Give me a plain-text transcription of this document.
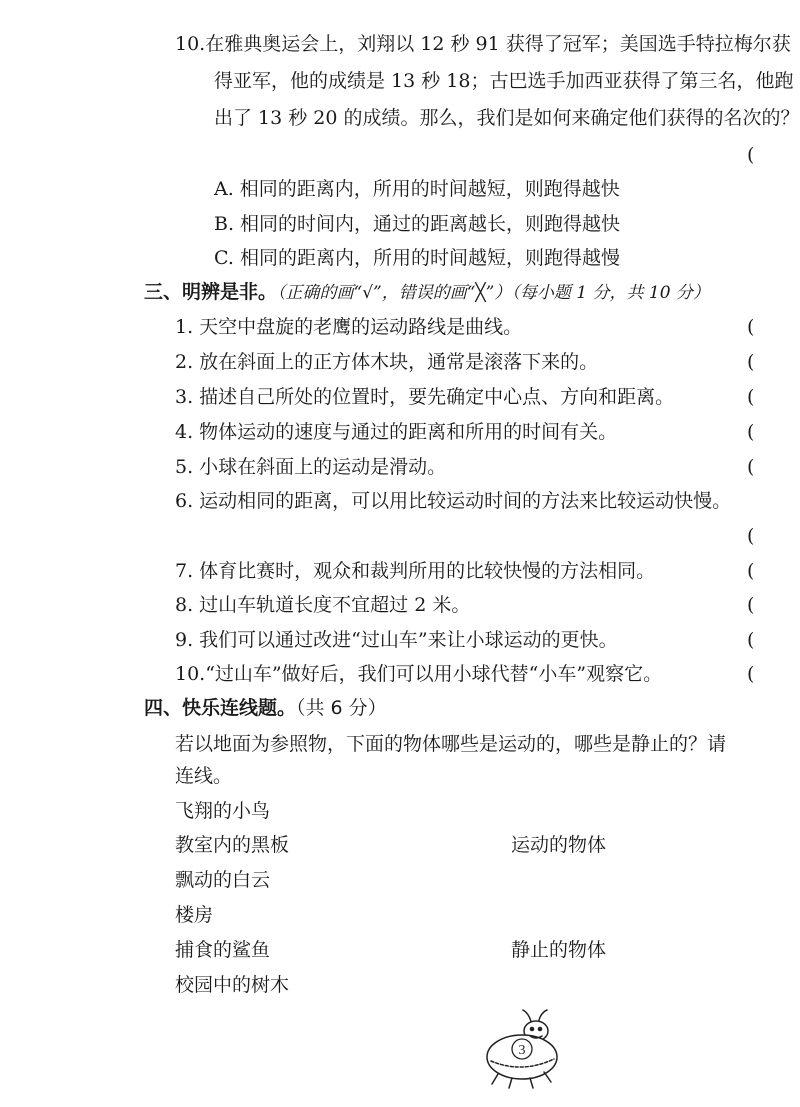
10.在雅典奥运会上，刘翔以 12 秒 91 获得了冠军；美国选手特拉梅尔获
得亚军，他的成绩是 13 秒 18；古巴选手加西亚获得了第三名，他跑
出了 13 秒 20 的成绩。那么，我们是如何来确定他们获得的名次的？
(
A. 相同的距离内，所用的时间越短，则跑得越快
B. 相同的时间内，通过的距离越长，则跑得越快
C. 相同的距离内，所用的时间越短，则跑得越慢
三、明辨是非。（正确的画“√”，错误的画“╳”）（每小题 1 分，共 10 分）
1. 天空中盘旋的老鹰的运动路线是曲线。	(
2. 放在斜面上的正方体木块，通常是滚落下来的。	(
3. 描述自己所处的位置时，要先确定中心点、方向和距离。	(
4. 物体运动的速度与通过的距离和所用的时间有关。	(
5. 小球在斜面上的运动是滑动。	(
6. 运动相同的距离，可以用比较运动时间的方法来比较运动快慢。
(
7. 体育比赛时，观众和裁判所用的比较快慢的方法相同。	(
8. 过山车轨道长度不宜超过 2 米。	(
9. 我们可以通过改进“过山车”来让小球运动的更快。	(
10.“过山车”做好后，我们可以用小球代替“小车”观察它。	(
四、快乐连线题。（共 6 分）
若以地面为参照物，下面的物体哪些是运动的，哪些是静止的？请
连线。
飞翔的小鸟
教室内的黑板
飘动的白云
楼房
捕食的鲨鱼
校园中的树木
运动的物体
静止的物体
3
